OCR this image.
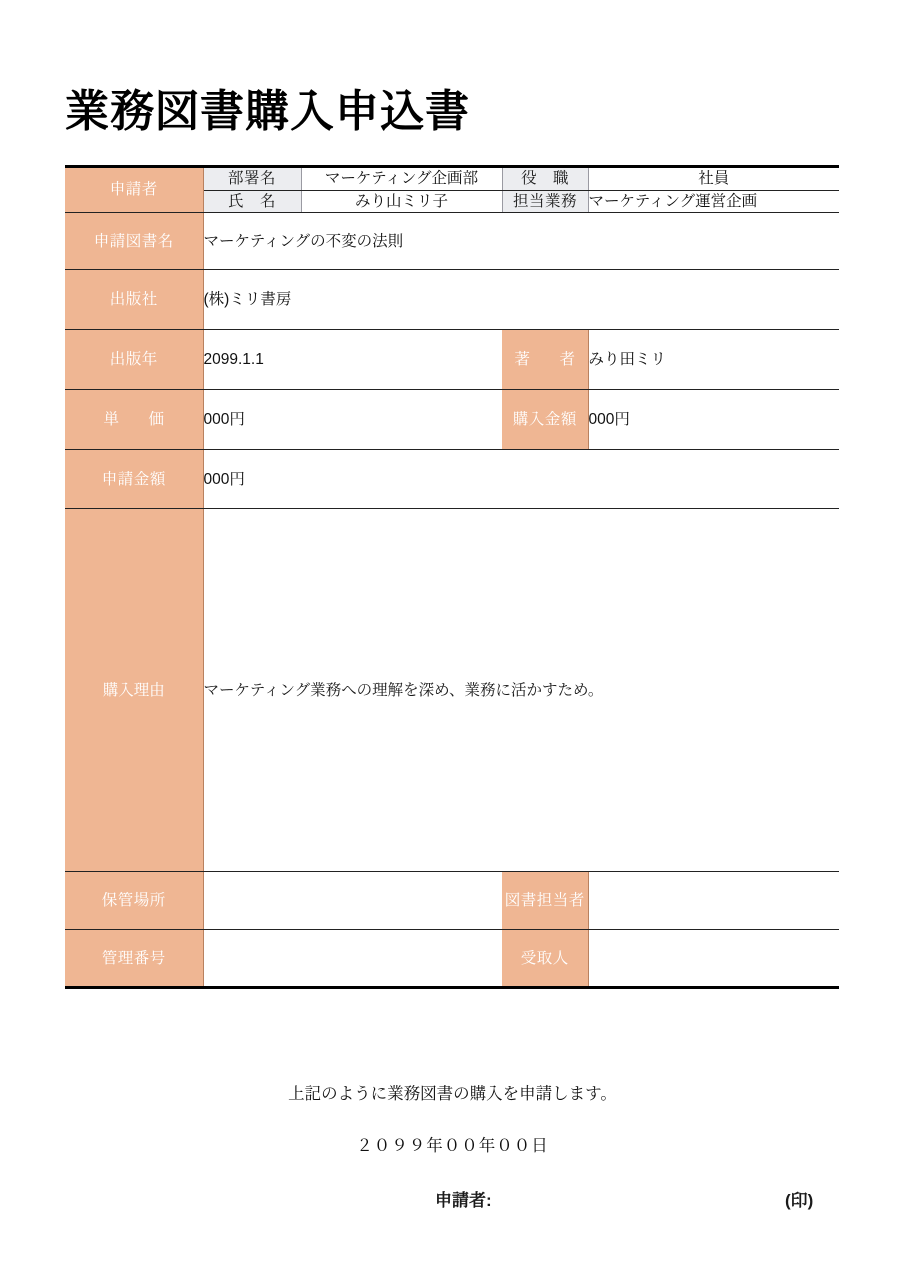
業務図書購入申込書
申請者	部署名	マーケティング企画部	役　職	社員
	氏　名	みり山ミリ子	担当業務	マーケティング運営企画
申請図書名	マーケティングの不変の法則			
出版社	(株)ミリ書房			
出版年	2099.1.1		著　者	みり田ミリ
単　価	000円		購入金額	000円
申請金額	000円			
購入理由	マーケティング業務への理解を深め、業務に活かすため。			
保管場所			図書担当者	
管理番号			受取人	
上記のように業務図書の購入を申請します。
２０９９年００年００日
申請者:	(印)
